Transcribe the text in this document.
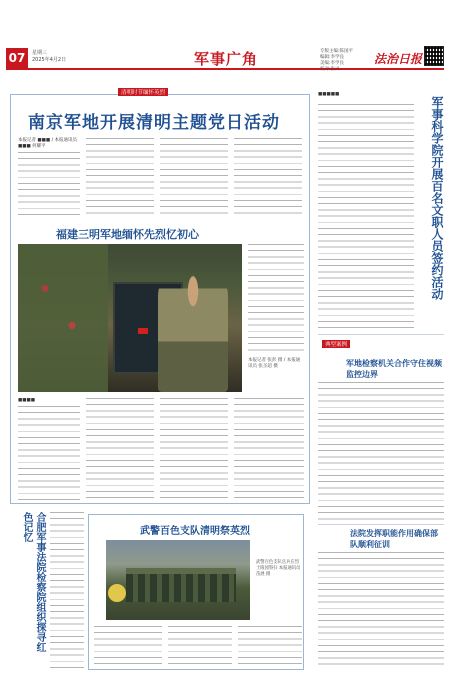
07	星期三
2025年4月2日	军事广角	专版主编:陈国平
编辑:李学良
美编:李学良
校对:张兴
法治日报
清明时节缅怀英烈
南京军地开展清明主题党日活动
本报记者 ■■■ / 本报通讯员 ■■■ 何耀平
福建三明军地缅怀先烈忆初心
本报记者 张彭 摄 / 本报通讯员 张圣超 摄
■■■■
合肥军事法院检察院组织探寻红色记忆	武警百色支队清明祭英烈
武警百色支队官兵在烈士陵园祭扫 本报通讯员 苗展 摄
■■■■■
军事科学院开展百名文职人员签约活动
典型案例
军地检察机关合作守住视频监控边界
法院发挥职能作用确保部队顺利征训
